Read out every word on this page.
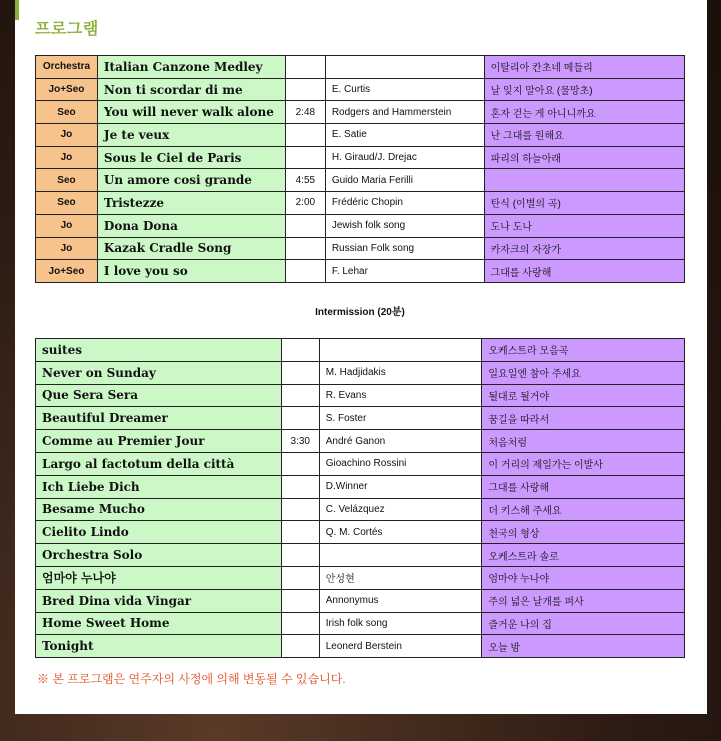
프로그램
Orchestra	Italian Canzone Medley			이탈리아 칸초네 메들리
Jo+Seo	Non ti scordar di me		E. Curtis	날 잊지 말아요 (물망초)
Seo	You will never walk alone	2:48	Rodgers and Hammerstein	혼자 걷는 게 아니니까요
Jo	Je te veux		E. Satie	난 그대를 원해요
Jo	Sous le Ciel de Paris		H. Giraud/J. Drejac	파리의 하늘아래
Seo	Un amore cosi grande	4:55	Guido Maria Ferilli	
Seo	Tristezze	2:00	Frédéric Chopin	탄식 (이별의 곡)
Jo	Dona Dona		Jewish folk song	도나 도나
Jo	Kazak Cradle Song		Russian Folk song	카자크의 자장가
Jo+Seo	I love you so		F. Lehar	그대를 사랑해
Intermission (20분)
suites			오케스트라 모음곡
Never on Sunday		M. Hadjidakis	일요일엔 참아 주세요
Que Sera Sera		R. Evans	될대로 될거야
Beautiful Dreamer		S. Foster	꿈길을 따라서
Comme au Premier Jour	3:30	André Ganon	처음처럼
Largo al factotum della città		Gioachino Rossini	이 거리의 제일가는 이발사
Ich Liebe Dich		D.Winner	그대를 사랑해
Besame Mucho		C. Velázquez	더 키스해 주세요
Cielito Lindo		Q. M. Cortés	천국의 형상
Orchestra Solo			오케스트라 솔로
엄마야 누나야		안성현	엄마야 누나야
Bred Dina vida Vingar		Annonymus	주의 넓은 날개를 펴사
Home Sweet Home		Irish folk song	즐거운 나의 집
Tonight		Leonerd Berstein	오늘 밤
※ 본 프로그램은 연주자의 사정에 의해 변동될 수 있습니다.
